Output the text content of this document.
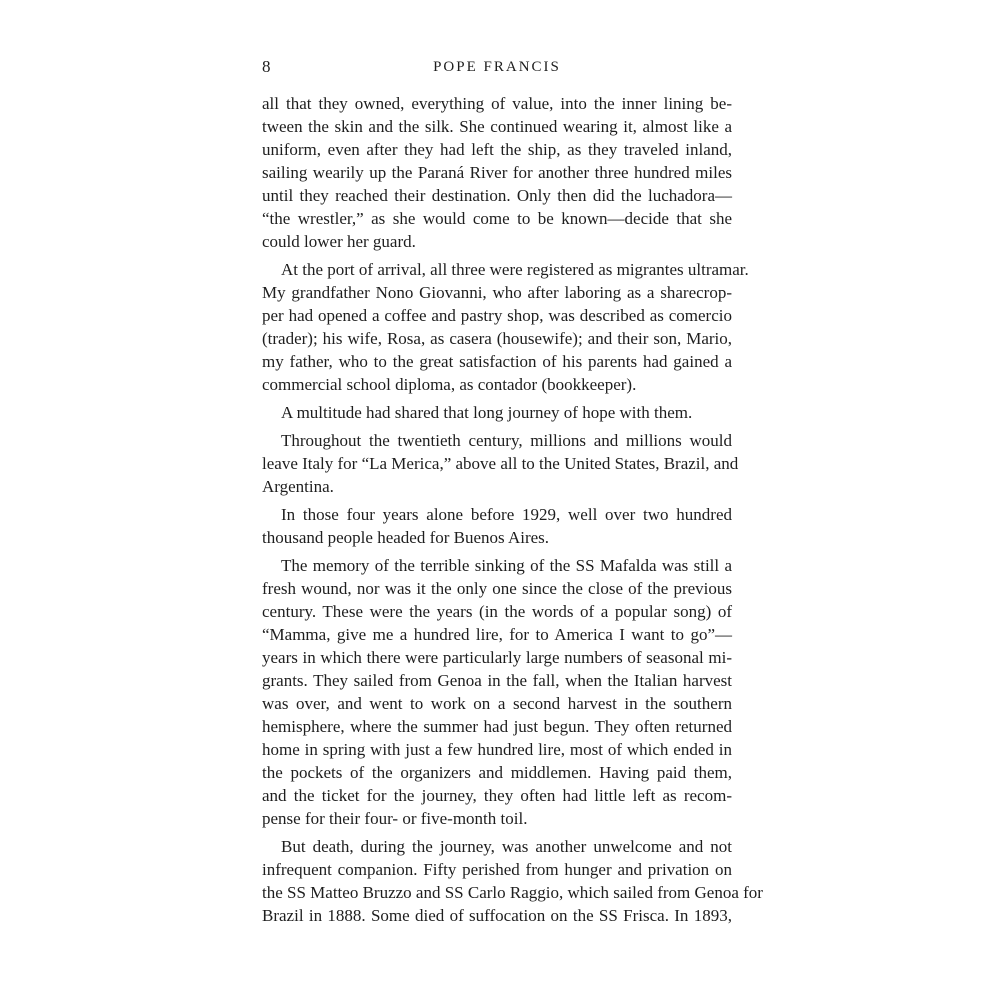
8	POPE FRANCIS

all that they owned, everything of value, into the inner lining be-
tween the skin and the silk. She continued wearing it, almost like a
uniform, even after they had left the ship, as they traveled inland,
sailing wearily up the Paraná River for another three hundred miles
until they reached their destination. Only then did the luchadora—
“the wrestler,” as she would come to be known—decide that she
could lower her guard.

At the port of arrival, all three were registered as migrantes ultramar.
My grandfather Nono Giovanni, who after laboring as a sharecrop-
per had opened a coffee and pastry shop, was described as comercio
(trader); his wife, Rosa, as casera (housewife); and their son, Mario,
my father, who to the great satisfaction of his parents had gained a
commercial school diploma, as contador (bookkeeper).

A multitude had shared that long journey of hope with them.

Throughout the twentieth century, millions and millions would
leave Italy for “La Merica,” above all to the United States, Brazil, and
Argentina.

In those four years alone before 1929, well over two hundred
thousand people headed for Buenos Aires.

The memory of the terrible sinking of the SS Mafalda was still a
fresh wound, nor was it the only one since the close of the previous
century. These were the years (in the words of a popular song) of
“Mamma, give me a hundred lire, for to America I want to go”—
years in which there were particularly large numbers of seasonal mi-
grants. They sailed from Genoa in the fall, when the Italian harvest
was over, and went to work on a second harvest in the southern
hemisphere, where the summer had just begun. They often returned
home in spring with just a few hundred lire, most of which ended in
the pockets of the organizers and middlemen. Having paid them,
and the ticket for the journey, they often had little left as recom-
pense for their four- or five-month toil.

But death, during the journey, was another unwelcome and not
infrequent companion. Fifty perished from hunger and privation on
the SS Matteo Bruzzo and SS Carlo Raggio, which sailed from Genoa for
Brazil in 1888. Some died of suffocation on the SS Frisca. In 1893,
